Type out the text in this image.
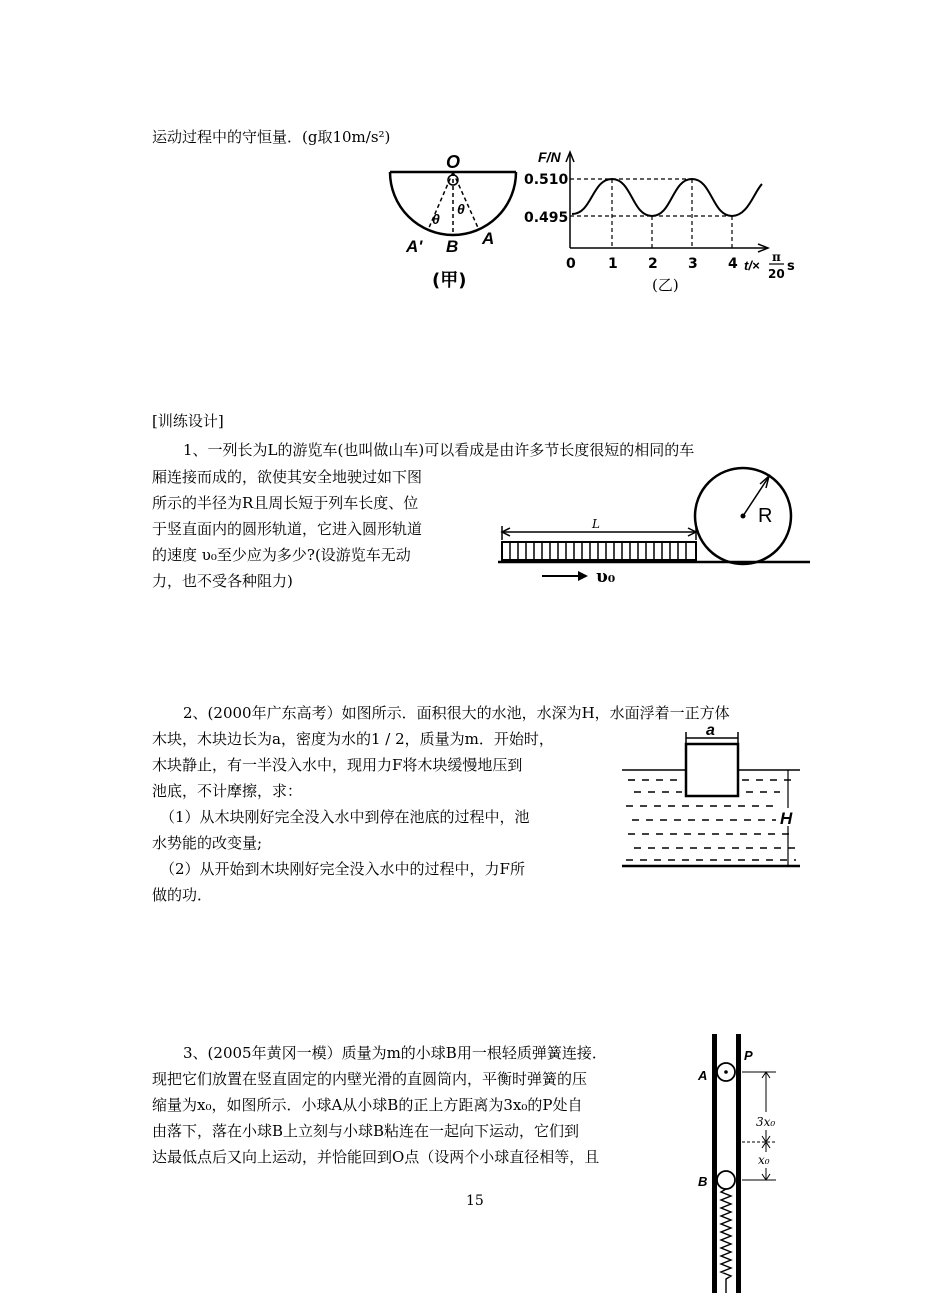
运动过程中的守恒量．(g取10m/s²)
O
θ
θ
A' B A
(甲)
F/N
0.510
0.495
0 1 2 3 4 t/×
π
20 s
(乙)
[训练设计]
1、一列长为L的游览车(也叫做山车)可以看成是由许多节长度很短的相同的车
厢连接而成的，欲使其安全地驶过如下图
所示的半径为R且周长短于列车长度、位
于竖直面内的圆形轨道，它进入圆形轨道
的速度 υ₀至少应为多少?(设游览车无动
力，也不受各种阻力)
R
L
υ₀
2、(2000年广东高考）如图所示．面积很大的水池，水深为H，水面浮着一正方体
木块，木块边长为a，密度为水的1 / 2，质量为m．开始时，
木块静止，有一半没入水中，现用力F将木块缓慢地压到
池底，不计摩擦，求：
（1）从木块刚好完全没入水中到停在池底的过程中，池
水势能的改变量;
（2）从开始到木块刚好完全没入水中的过程中，力F所
做的功．
a
H
3、(2005年黄冈一模）质量为m的小球B用一根轻质弹簧连接．
现把它们放置在竖直固定的内壁光滑的直圆筒内，平衡时弹簧的压
缩量为x₀，如图所示．小球A从小球B的正上方距离为3x₀的P处自
由落下，落在小球B上立刻与小球B粘连在一起向下运动，它们到
达最低点后又向上运动，并恰能回到O点（设两个小球直径相等，且
A
P
B
3x₀
x₀
15
